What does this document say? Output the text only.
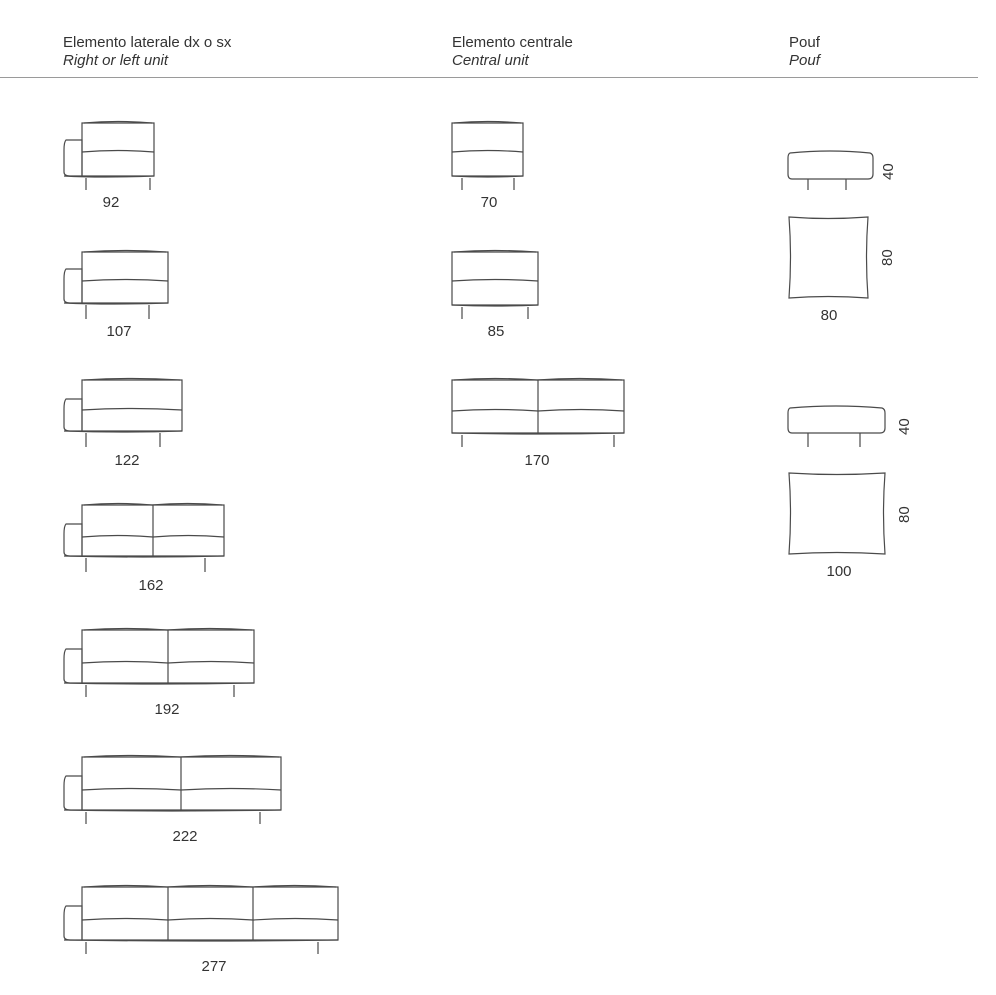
Elemento laterale dx o sx
Right or left unit
Elemento centrale
Central unit
Pouf
Pouf
92
107
122
162
192
222
277
70
85
170
40
80
80
40
80
100
